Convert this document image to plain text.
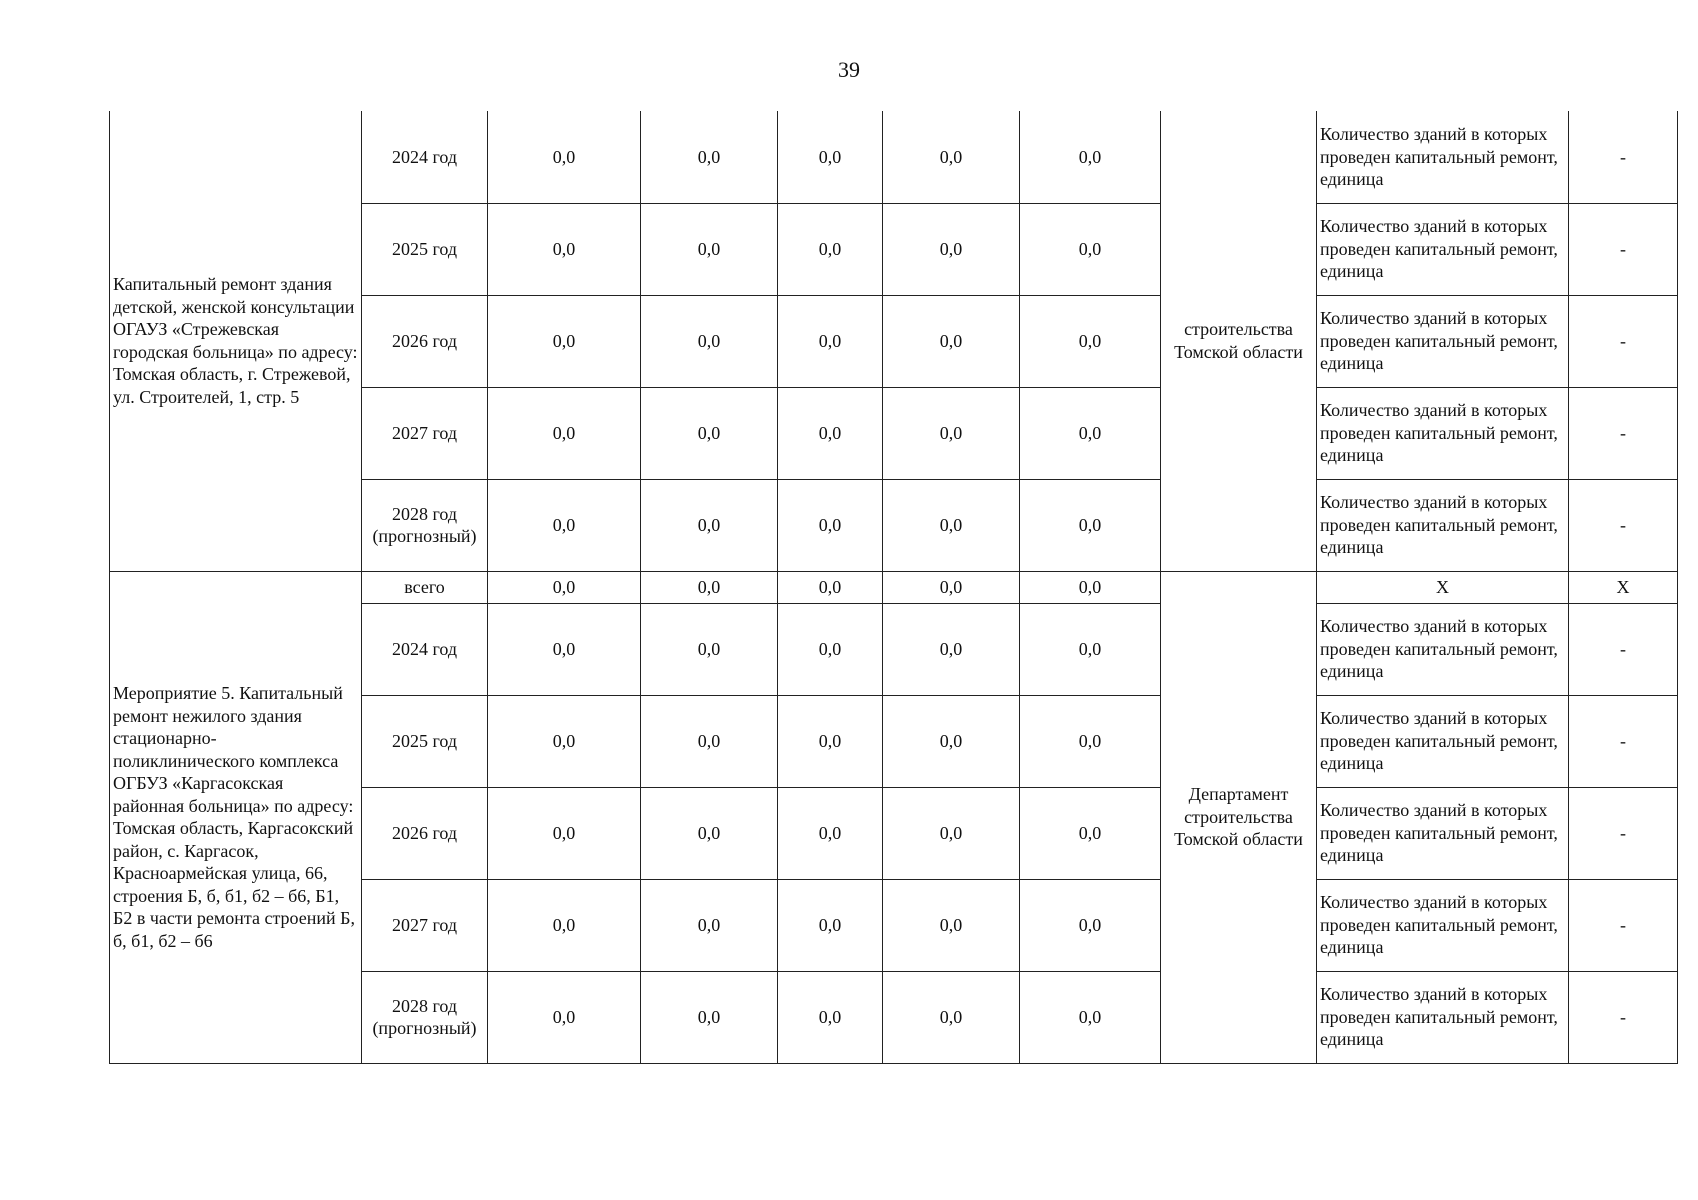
39
Капитальный ремонт здания детской, женской консультации ОГАУЗ «Стрежевская городская больница» по адресу: Томская область, г. Стрежевой, ул. Строителей, 1, стр. 5	2024 год	0,0	0,0	0,0	0,0	0,0	строительства Томской области	Количество зданий в которых проведен капитальный ремонт, единица	-
	2025 год	0,0	0,0	0,0	0,0	0,0		Количество зданий в которых проведен капитальный ремонт, единица	-
	2026 год	0,0	0,0	0,0	0,0	0,0		Количество зданий в которых проведен капитальный ремонт, единица	-
	2027 год	0,0	0,0	0,0	0,0	0,0		Количество зданий в которых проведен капитальный ремонт, единица	-
	2028 год (прогнозный)	0,0	0,0	0,0	0,0	0,0		Количество зданий в которых проведен капитальный ремонт, единица	-
Мероприятие 5. Капитальный ремонт нежилого здания стационарно-поликлинического комплекса ОГБУЗ «Каргасокская районная больница» по адресу: Томская область, Каргасокский район, с. Каргасок, Красноармейская улица, 66, строения Б, б, б1, б2 – б6, Б1, Б2 в части ремонта строений Б, б, б1, б2 – б6	всего	0,0	0,0	0,0	0,0	0,0	Департамент строительства Томской области	X	X
	2024 год	0,0	0,0	0,0	0,0	0,0		Количество зданий в которых проведен капитальный ремонт, единица	-
	2025 год	0,0	0,0	0,0	0,0	0,0		Количество зданий в которых проведен капитальный ремонт, единица	-
	2026 год	0,0	0,0	0,0	0,0	0,0		Количество зданий в которых проведен капитальный ремонт, единица	-
	2027 год	0,0	0,0	0,0	0,0	0,0		Количество зданий в которых проведен капитальный ремонт, единица	-
	2028 год (прогнозный)	0,0	0,0	0,0	0,0	0,0		Количество зданий в которых проведен капитальный ремонт, единица	-
